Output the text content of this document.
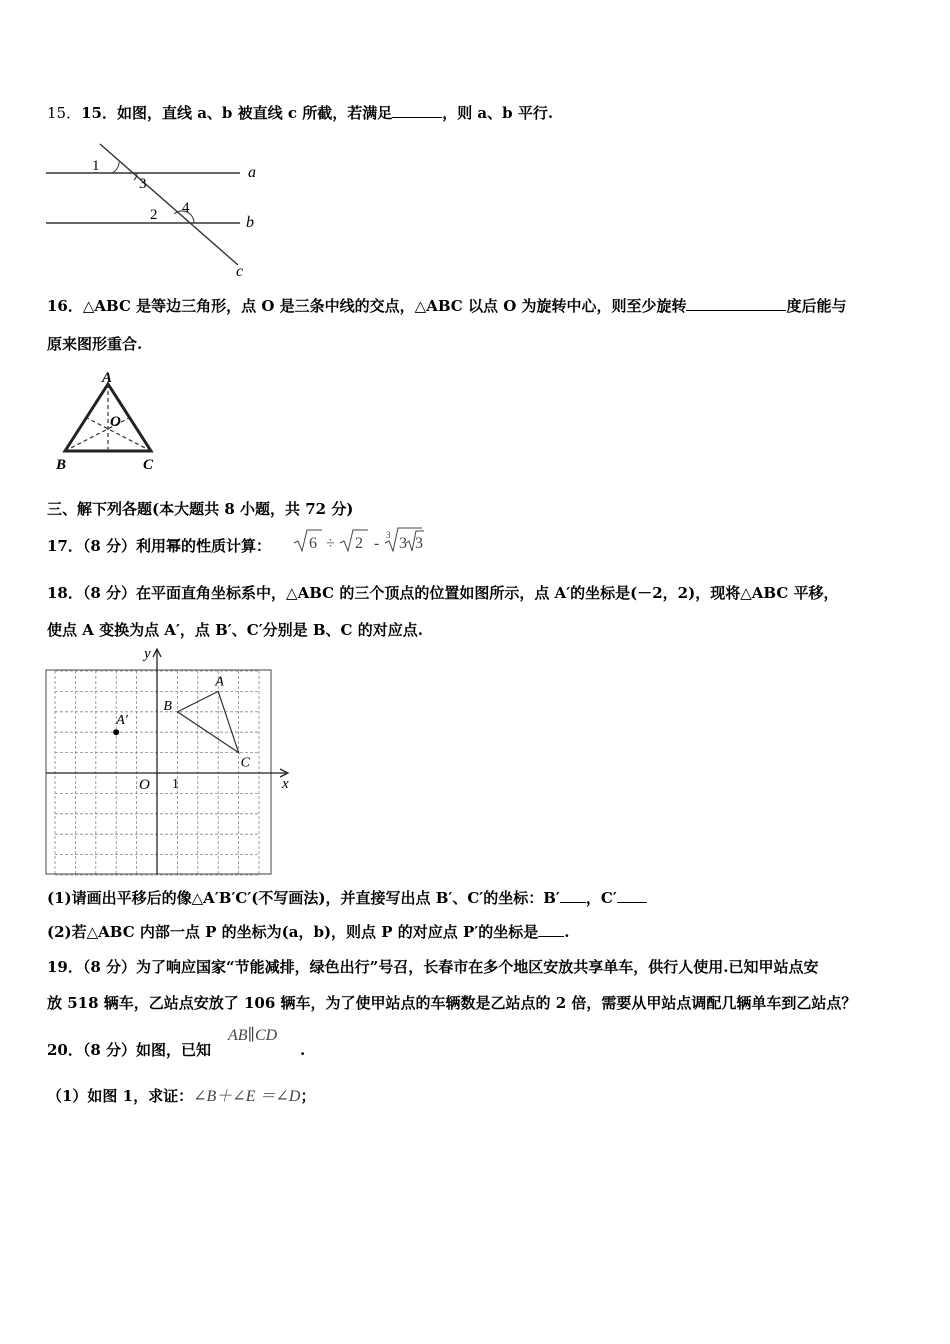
15．15．如图，直线 a、b 被直线 c 所截，若满足	，则 a、b 平行.
1
3
2 4
a
b
c
16．△ABC 是等边三角形，点 O 是三条中线的交点，△ABC 以点 O 为旋转中心，则至少旋转	度后能与
原来图形重合.
A
O
B	C
三、解下列各题(本大题共 8 小题，共 72 分)
17．（8 分）利用幂的性质计算： 6 ÷ 2 - 3 3 3
18．（8 分）在平面直角坐标系中，△ABC 的三个顶点的位置如图所示，点 A′的坐标是(－2，2)，现将△ABC 平移，
使点 A 变换为点 A′，点 B′、C′分别是 B、C 的对应点.
y
x
O 1
A
B
C
A′
(1)请画出平移后的像△A′B′C′(不写画法)，并直接写出点 B′、C′的坐标：B′ ，C′
(2)若△ABC 内部一点 P 的坐标为(a，b)，则点 P 的对应点 P′的坐标是 .
19．（8 分）为了响应国家“节能减排，绿色出行”号召，长春市在多个地区安放共享单车，供行人使用.已知甲站点安
放 518 辆车，乙站点安放了 106 辆车，为了使甲站点的车辆数是乙站点的 2 倍，需要从甲站点调配几辆单车到乙站点？
20．（8 分）如图，已知
AB∥CD
.
（1）如图 1，求证：∠B＋∠E ＝∠D；
